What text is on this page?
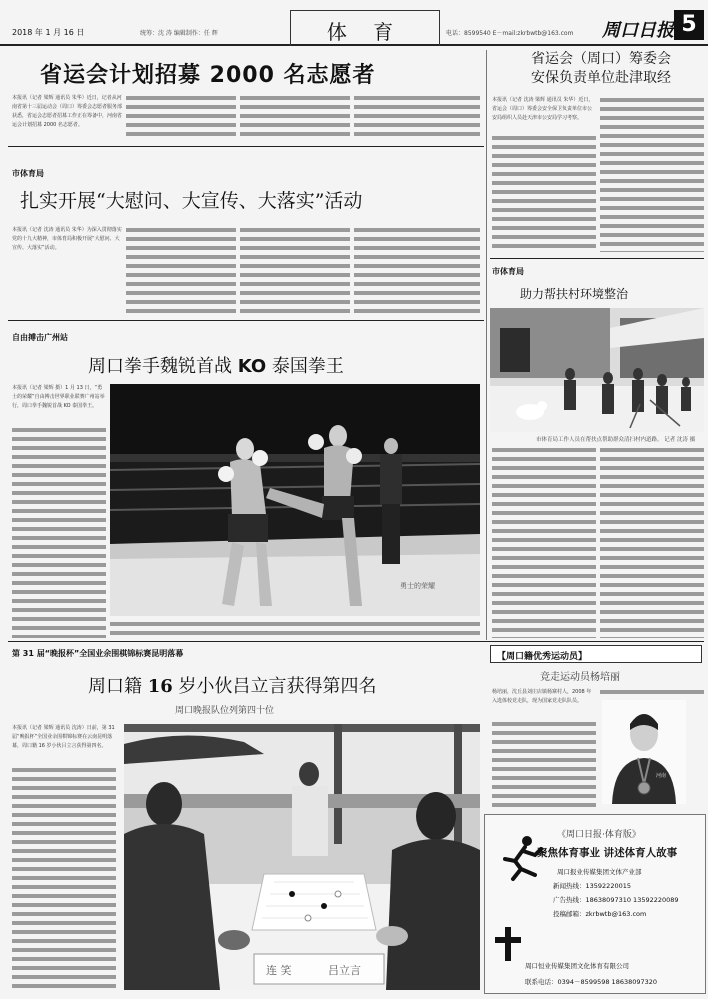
2018 年 1 月 16 日	统筹：沈 涛 编辑制作：任 辉	体 育	电话：8599540 E－mail:zkrbwtb@163.com 周口日报 5
省运会计划招募 2000 名志愿者
本报讯（记者 梁辉 通讯员 朱华）近日，记者从河南省第十三届运动会（周口）筹委会志愿者服务部获悉，省运会志愿者招募工作正在筹备中，河南省运会计划招募 2000 名志愿者。
省运会（周口）筹委会
安保负责单位赴津取经
本报讯（记者 沈涛 梁辉 通讯员 朱华）近日，省运会（周口）筹委会安全保卫负责单位市公安局组织人员赴天津市公安局学习考察。
市体育局
扎实开展“大慰问、大宣传、大落实”活动
本报讯（记者 沈涛 通讯员 朱华）为深入贯彻落实党的十九大精神，市体育局积极开展“大慰问、大宣传、大落实”活动。
自由搏击广州站
周口拳手魏锐首战 KO 泰国拳王
本报讯（记者 梁辉 摄）1 月 13 日，“勇士的荣耀”自由搏击世界职业联赛广州站举行，周口拳手魏锐首战 KO 泰国拳王。
勇士的荣耀
市体育局
助力帮扶村环境整治
市体育局工作人员在帮扶点帮助群众清扫村内道路。 记者 沈涛 摄
第 31 届“晚报杯”全国业余围棋锦标赛昆明落幕
周口籍 16 岁小伙吕立言获得第四名
周口晚报队位列第四十位
本报讯（记者 梁辉 通讯员 沈涛）日前，第 31 届“晚报杯”全国业余围棋锦标赛在云南昆明落幕，周口籍 16 岁小伙吕立言获得第四名。
连 笑	吕立言
【周口籍优秀运动员】
竞走运动员杨培丽
杨培丽，沈丘县刘庄店镇杨寨村人，2008 年入选体校竞走队，现为国家竞走队队员。
河南
《周口日报·体育版》
聚焦体育事业 讲述体育人故事
周口报业传媒集团文体产业部
新闻热线：13592220015
广告热线：18638097310 13592220089
投稿邮箱：zkrbwtb@163.com
周口恒业传媒集团文化体育有限公司
联系电话：0394－8599598 18638097320
